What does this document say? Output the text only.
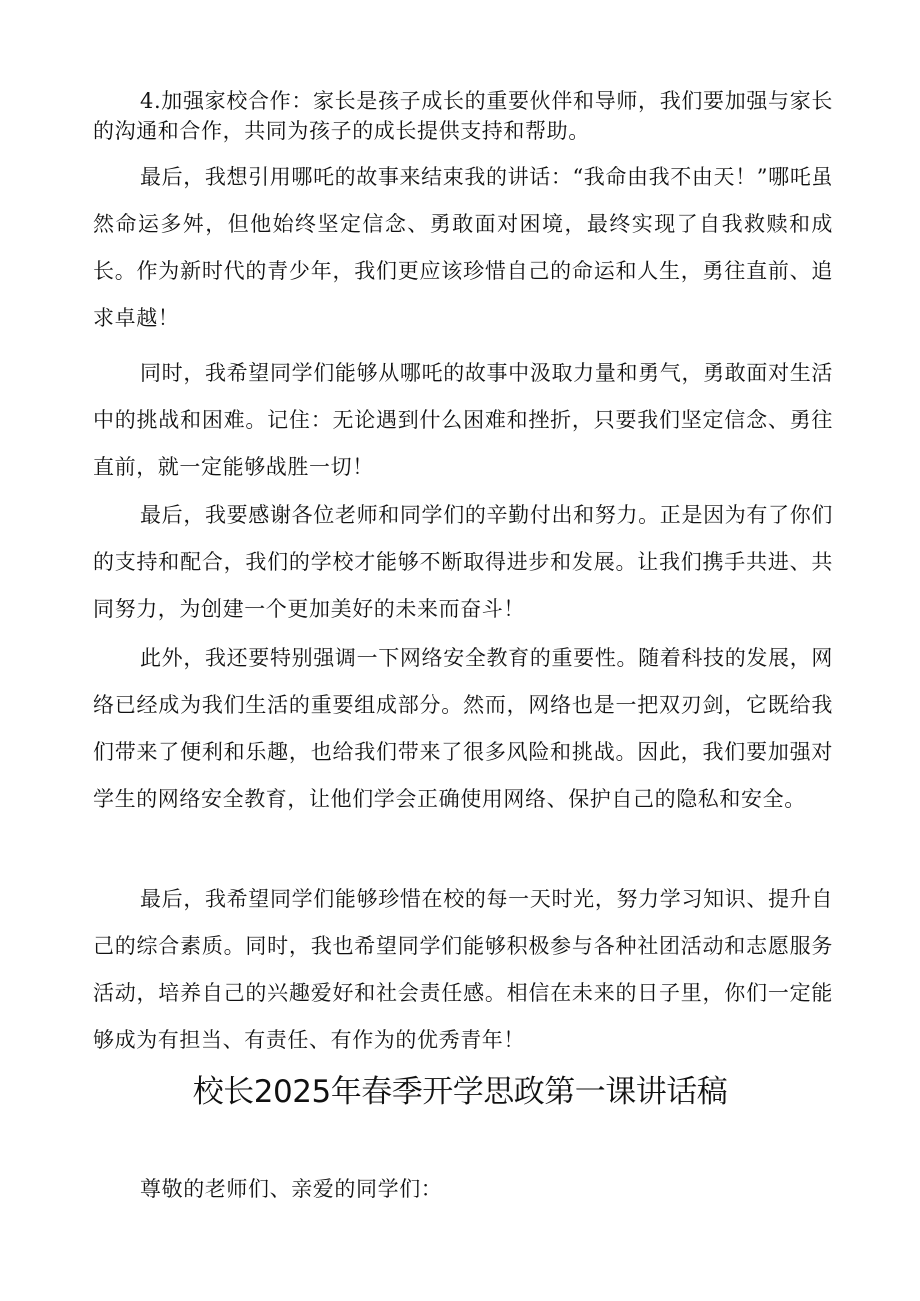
4.加强家校合作：家长是孩子成长的重要伙伴和导师，我们要加强与家长的沟通和合作，共同为孩子的成长提供支持和帮助。

最后，我想引用哪吒的故事来结束我的讲话：“我命由我不由天！”哪吒虽然命运多舛，但他始终坚定信念、勇敢面对困境，最终实现了自我救赎和成长。作为新时代的青少年，我们更应该珍惜自己的命运和人生，勇往直前、追求卓越！

同时，我希望同学们能够从哪吒的故事中汲取力量和勇气，勇敢面对生活中的挑战和困难。记住：无论遇到什么困难和挫折，只要我们坚定信念、勇往直前，就一定能够战胜一切！

最后，我要感谢各位老师和同学们的辛勤付出和努力。正是因为有了你们的支持和配合，我们的学校才能够不断取得进步和发展。让我们携手共进、共同努力，为创建一个更加美好的未来而奋斗！

此外，我还要特别强调一下网络安全教育的重要性。随着科技的发展，网络已经成为我们生活的重要组成部分。然而，网络也是一把双刃剑，它既给我们带来了便利和乐趣，也给我们带来了很多风险和挑战。因此，我们要加强对学生的网络安全教育，让他们学会正确使用网络、保护自己的隐私和安全。

最后，我希望同学们能够珍惜在校的每一天时光，努力学习知识、提升自己的综合素质。同时，我也希望同学们能够积极参与各种社团活动和志愿服务活动，培养自己的兴趣爱好和社会责任感。相信在未来的日子里，你们一定能够成为有担当、有责任、有作为的优秀青年！

校长2025年春季开学思政第一课讲话稿

尊敬的老师们、亲爱的同学们：
